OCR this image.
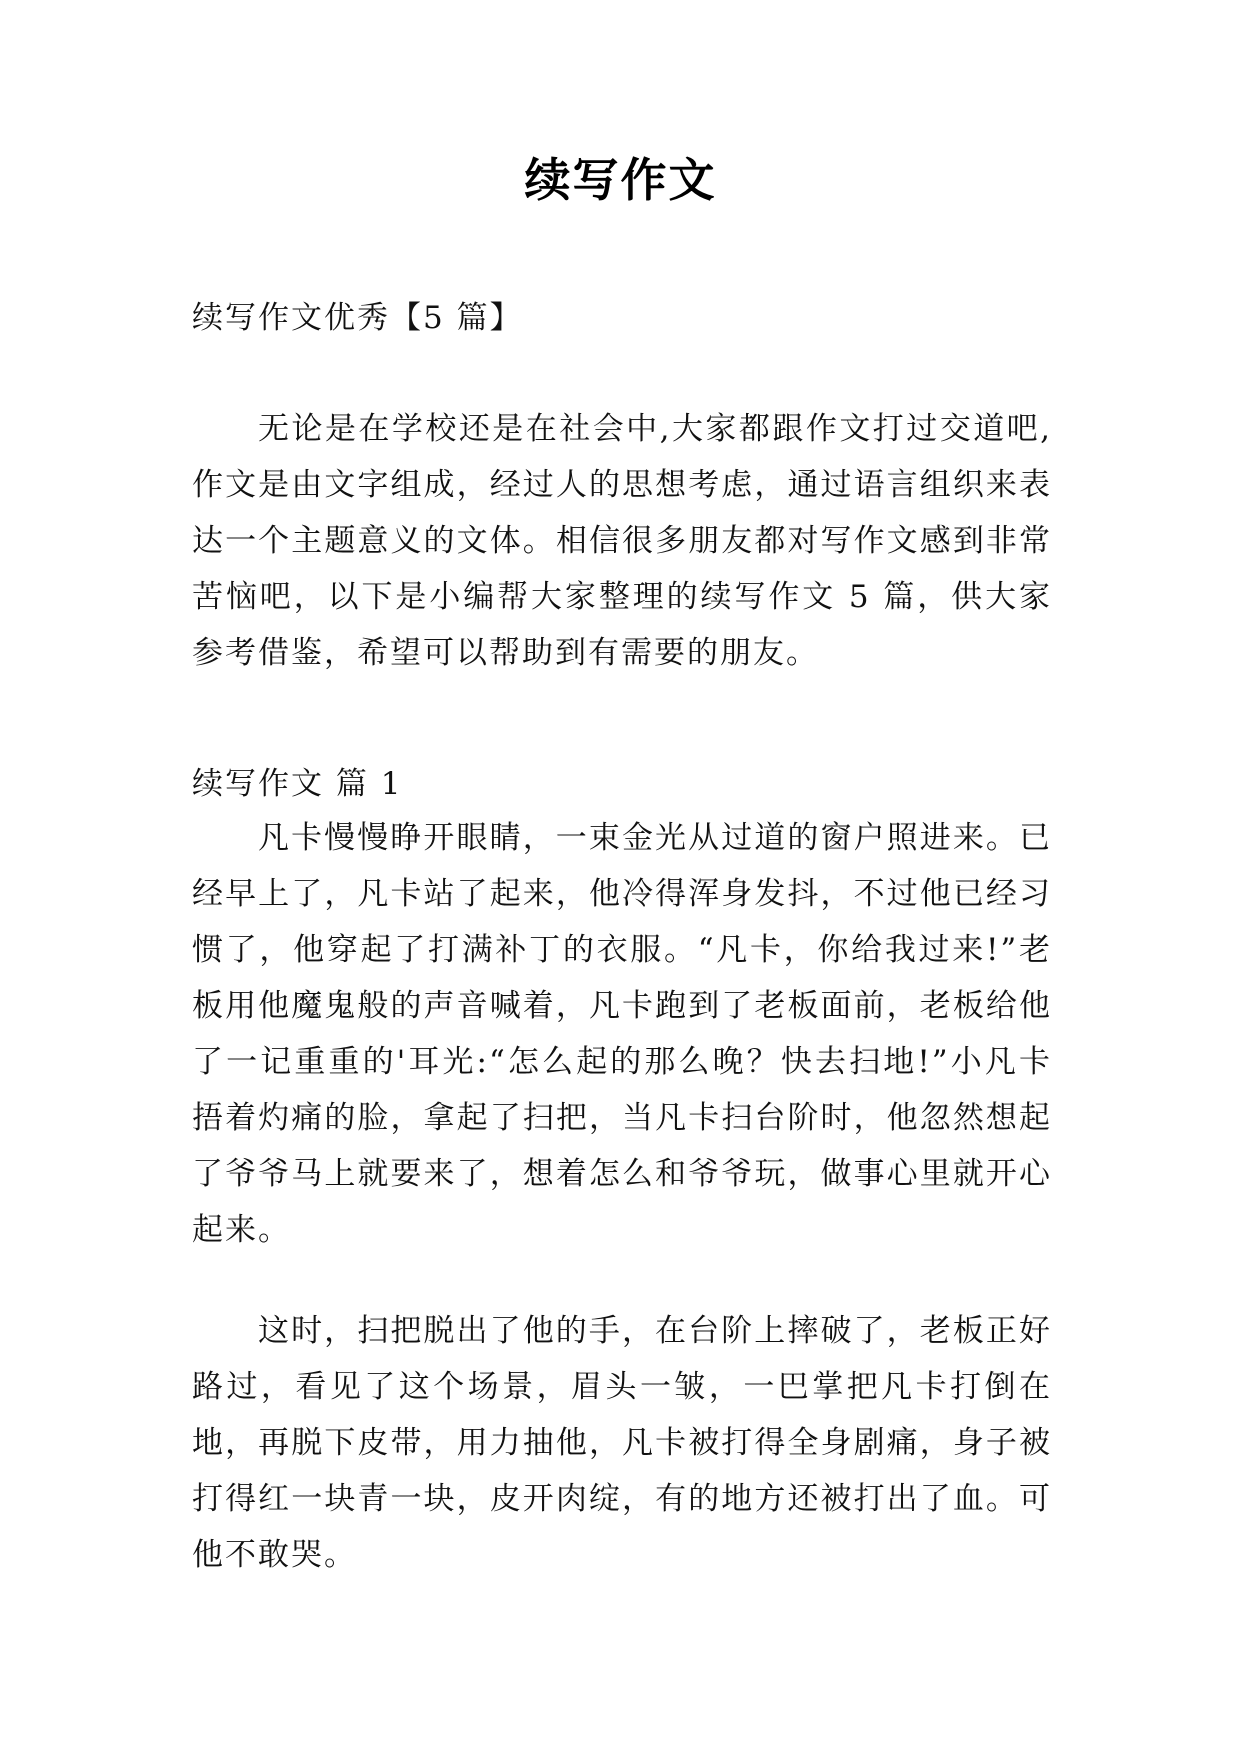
续写作文

续写作文优秀【5 篇】

无论是在学校还是在社会中,大家都跟作文打过交道吧,作文是由文字组成，经过人的思想考虑，通过语言组织来表达一个主题意义的文体。相信很多朋友都对写作文感到非常苦恼吧，以下是小编帮大家整理的续写作文 5 篇，供大家参考借鉴，希望可以帮助到有需要的朋友。

续写作文 篇 1

凡卡慢慢睁开眼睛，一束金光从过道的窗户照进来。已经早上了，凡卡站了起来，他冷得浑身发抖，不过他已经习惯了，他穿起了打满补丁的衣服。“凡卡，你给我过来!”老板用他魔鬼般的声音喊着，凡卡跑到了老板面前，老板给他了一记重重的'耳光:“怎么起的那么晚？快去扫地!”小凡卡捂着灼痛的脸，拿起了扫把，当凡卡扫台阶时，他忽然想起了爷爷马上就要来了，想着怎么和爷爷玩，做事心里就开心起来。

这时，扫把脱出了他的手，在台阶上摔破了，老板正好路过，看见了这个场景，眉头一皱，一巴掌把凡卡打倒在地，再脱下皮带，用力抽他，凡卡被打得全身剧痛，身子被打得红一块青一块，皮开肉绽，有的地方还被打出了血。可他不敢哭。
